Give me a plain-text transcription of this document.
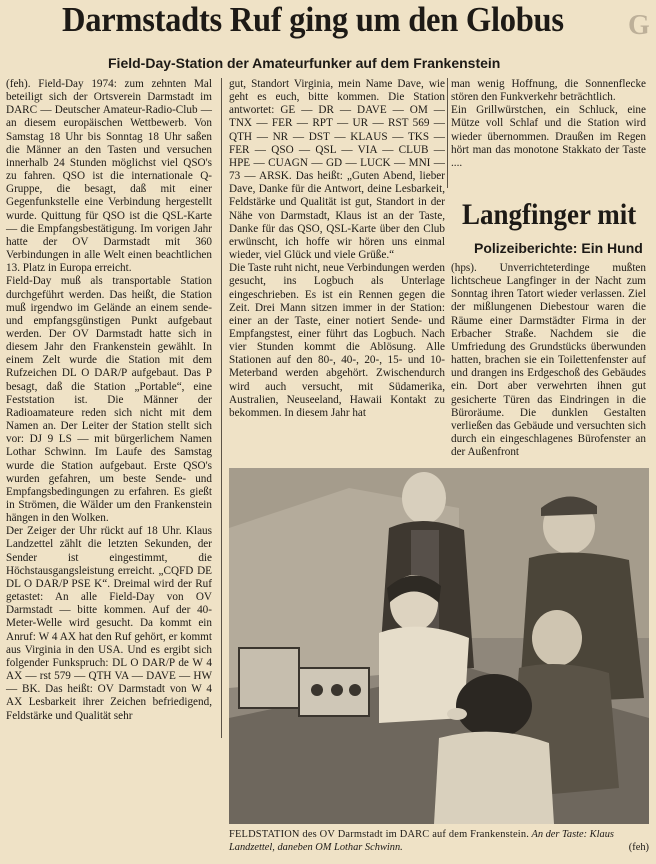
G
Darmstadts Ruf ging um den Globus
Field-Day-Station der Amateurfunker auf dem Frankenstein

(feh). Field-Day 1974: zum zehnten Mal beteiligt sich der Ortsverein Darmstadt im DARC — Deutscher Amateur-Radio-Club — an diesem europäischen Wettbewerb. Von Samstag 18 Uhr bis Sonntag 18 Uhr saßen die Männer an den Tasten und versuchen innerhalb 24 Stunden möglichst viel QSO's zu fahren. QSO ist die internationale Q-Gruppe, die besagt, daß mit einer Gegenfunkstelle eine Verbindung hergestellt wurde. Quittung für QSO ist die QSL-Karte — die Empfangsbestätigung. Im vorigen Jahr hatte der OV Darmstadt mit 360 Verbindungen in alle Welt einen beachtlichen 13. Platz in Europa erreicht.

Field-Day muß als transportable Station durchgeführt werden. Das heißt, die Station muß irgendwo im Gelände an einem sende- und empfangsgünstigen Punkt aufgebaut werden. Der OV Darmstadt hatte sich in diesem Jahr den Frankenstein gewählt. In einem Zelt wurde die Station mit dem Rufzeichen DL O DAR/P aufgebaut. Das P besagt, daß die Station „Portable“, eine Feststation ist. Die Männer der Radioamateure reden sich nicht mit dem Namen an. Der Leiter der Station stellt sich vor: DJ 9 LS — mit bürgerlichem Namen Lothar Schwinn. Im Laufe des Samstag wurde die Station aufgebaut. Erste QSO's wurden gefahren, um beste Sende- und Empfangsbedingungen zu erfahren. Es gießt in Strömen, die Wälder um den Frankenstein hängen in den Wolken.

Der Zeiger der Uhr rückt auf 18 Uhr. Klaus Landzettel zählt die letzten Sekunden, der Sender ist eingestimmt, die Höchstausgangsleistung erreicht. „CQFD DE DL O DAR/P PSE K“. Dreimal wird der Ruf getastet: An alle Field-Day von OV Darmstadt — bitte kommen. Auf der 40-Meter-Welle wird gesucht. Da kommt ein Anruf: W 4 AX hat den Ruf gehört, er kommt aus Virginia in den USA. Und es ergibt sich folgender Funkspruch: DL O DAR/P de W 4 AX — rst 579 — QTH VA — DAVE — HW — BK. Das heißt: OV Darmstadt von W 4 AX Lesbarkeit ihrer Zeichen befriedigend, Feldstärke und Qualität sehr

gut, Standort Virginia, mein Name Dave, wie geht es euch, bitte kommen. Die Station antwortet: GE — DR — DAVE — OM — TNX — FER — RPT — UR — RST 569 — QTH — NR — DST — KLAUS — TKS — FER — QSO — QSL — VIA — CLUB — HPE — CUAGN — GD — LUCK — MNI — 73 — ARSK. Das heißt: „Guten Abend, lieber Dave, Danke für die Antwort, deine Lesbarkeit, Feldstärke und Qualität ist gut, Standort in der Nähe von Darmstadt, Klaus ist an der Taste, Danke für das QSO, QSL-Karte über den Club erwünscht, ich hoffe wir hören uns einmal wieder, viel Glück und viele Grüße.“

Die Taste ruht nicht, neue Verbindungen werden gesucht, ins Logbuch als Unterlage eingeschrieben. Es ist ein Rennen gegen die Zeit. Drei Mann sitzen immer in der Station: einer an der Taste, einer notiert Sende- und Empfangstest, einer führt das Logbuch. Nach vier Stunden kommt die Ablösung. Alle Stationen auf den 80-, 40-, 20-, 15- und 10-Meterband werden abgehört. Zwischendurch wird auch versucht, mit Südamerika, Australien, Neuseeland, Hawaii Kontakt zu bekommen. In diesem Jahr hat

man wenig Hoffnung, die Sonnenflecke stören den Funkverkehr beträchtlich.

Ein Grillwürstchen, ein Schluck, eine Mütze voll Schlaf und die Station wird wieder übernommen. Draußen im Regen hört man das monotone Stakkato der Taste ....

Langfinger mit
Polizeiberichte: Ein Hund
(hps). Unverrichteterdinge mußten lichtscheue Langfinger in der Nacht zum Sonntag ihren Tatort wieder verlassen. Ziel der mißlungenen Diebestour waren die Räume einer Darmstädter Firma in der Erbacher Straße. Nachdem sie die Umfriedung des Grundstücks überwunden hatten, brachen sie ein Toilettenfenster auf und drangen ins Erdgeschoß des Gebäudes ein. Dort aber verwehrten ihnen gut gesicherte Türen das Eindringen in die Büroräume. Die dunklen Gestalten verließen das Gebäude und versuchten sich durch ein eingeschlagenes Bürofenster an der Außenfront
FELDSTATION des OV Darmstadt im DARC auf dem Frankenstein. An der Taste: Klaus Landzettel, daneben OM Lothar Schwinn.	(feh)
